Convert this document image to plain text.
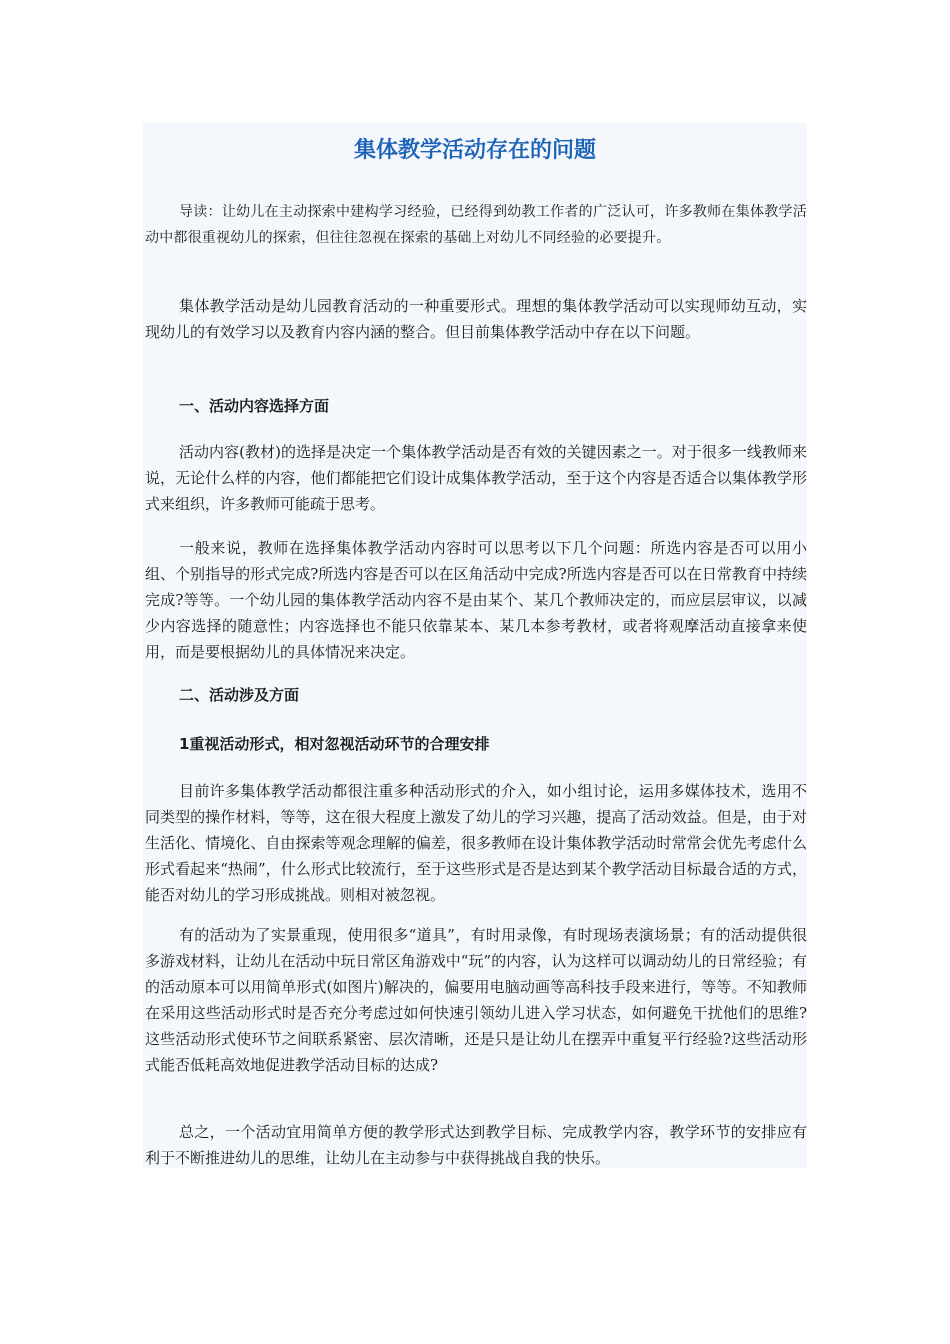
集体教学活动存在的问题

导读：让幼儿在主动探索中建构学习经验，已经得到幼教工作者的广泛认可，许多教师在集体教学活动中都很重视幼儿的探索，但往往忽视在探索的基础上对幼儿不同经验的必要提升。

集体教学活动是幼儿园教育活动的一种重要形式。理想的集体教学活动可以实现师幼互动，实现幼儿的有效学习以及教育内容内涵的整合。但目前集体教学活动中存在以下问题。

一、活动内容选择方面

活动内容(教材)的选择是决定一个集体教学活动是否有效的关键因素之一。对于很多一线教师来说，无论什么样的内容，他们都能把它们设计成集体教学活动，至于这个内容是否适合以集体教学形式来组织，许多教师可能疏于思考。

一般来说，教师在选择集体教学活动内容时可以思考以下几个问题：所选内容是否可以用小组、个别指导的形式完成?所选内容是否可以在区角活动中完成?所选内容是否可以在日常教育中持续完成?等等。一个幼儿园的集体教学活动内容不是由某个、某几个教师决定的，而应层层审议，以减少内容选择的随意性；内容选择也不能只依靠某本、某几本参考教材，或者将观摩活动直接拿来使用，而是要根据幼儿的具体情况来决定。

二、活动涉及方面
1重视活动形式，相对忽视活动环节的合理安排

目前许多集体教学活动都很注重多种活动形式的介入，如小组讨论，运用多媒体技术，选用不同类型的操作材料，等等，这在很大程度上激发了幼儿的学习兴趣，提高了活动效益。但是，由于对生活化、情境化、自由探索等观念理解的偏差，很多教师在设计集体教学活动时常常会优先考虑什么形式看起来“热闹”，什么形式比较流行，至于这些形式是否是达到某个教学活动目标最合适的方式，能否对幼儿的学习形成挑战。则相对被忽视。

有的活动为了实景重现，使用很多“道具”，有时用录像，有时现场表演场景；有的活动提供很多游戏材料，让幼儿在活动中玩日常区角游戏中“玩”的内容，认为这样可以调动幼儿的日常经验；有的活动原本可以用简单形式(如图片)解决的，偏要用电脑动画等高科技手段来进行，等等。不知教师在采用这些活动形式时是否充分考虑过如何快速引领幼儿进入学习状态，如何避免干扰他们的思维?这些活动形式使环节之间联系紧密、层次清晰，还是只是让幼儿在摆弄中重复平行经验?这些活动形式能否低耗高效地促进教学活动目标的达成?

总之，一个活动宜用简单方便的教学形式达到教学目标、完成教学内容，教学环节的安排应有利于不断推进幼儿的思维，让幼儿在主动参与中获得挑战自我的快乐。
